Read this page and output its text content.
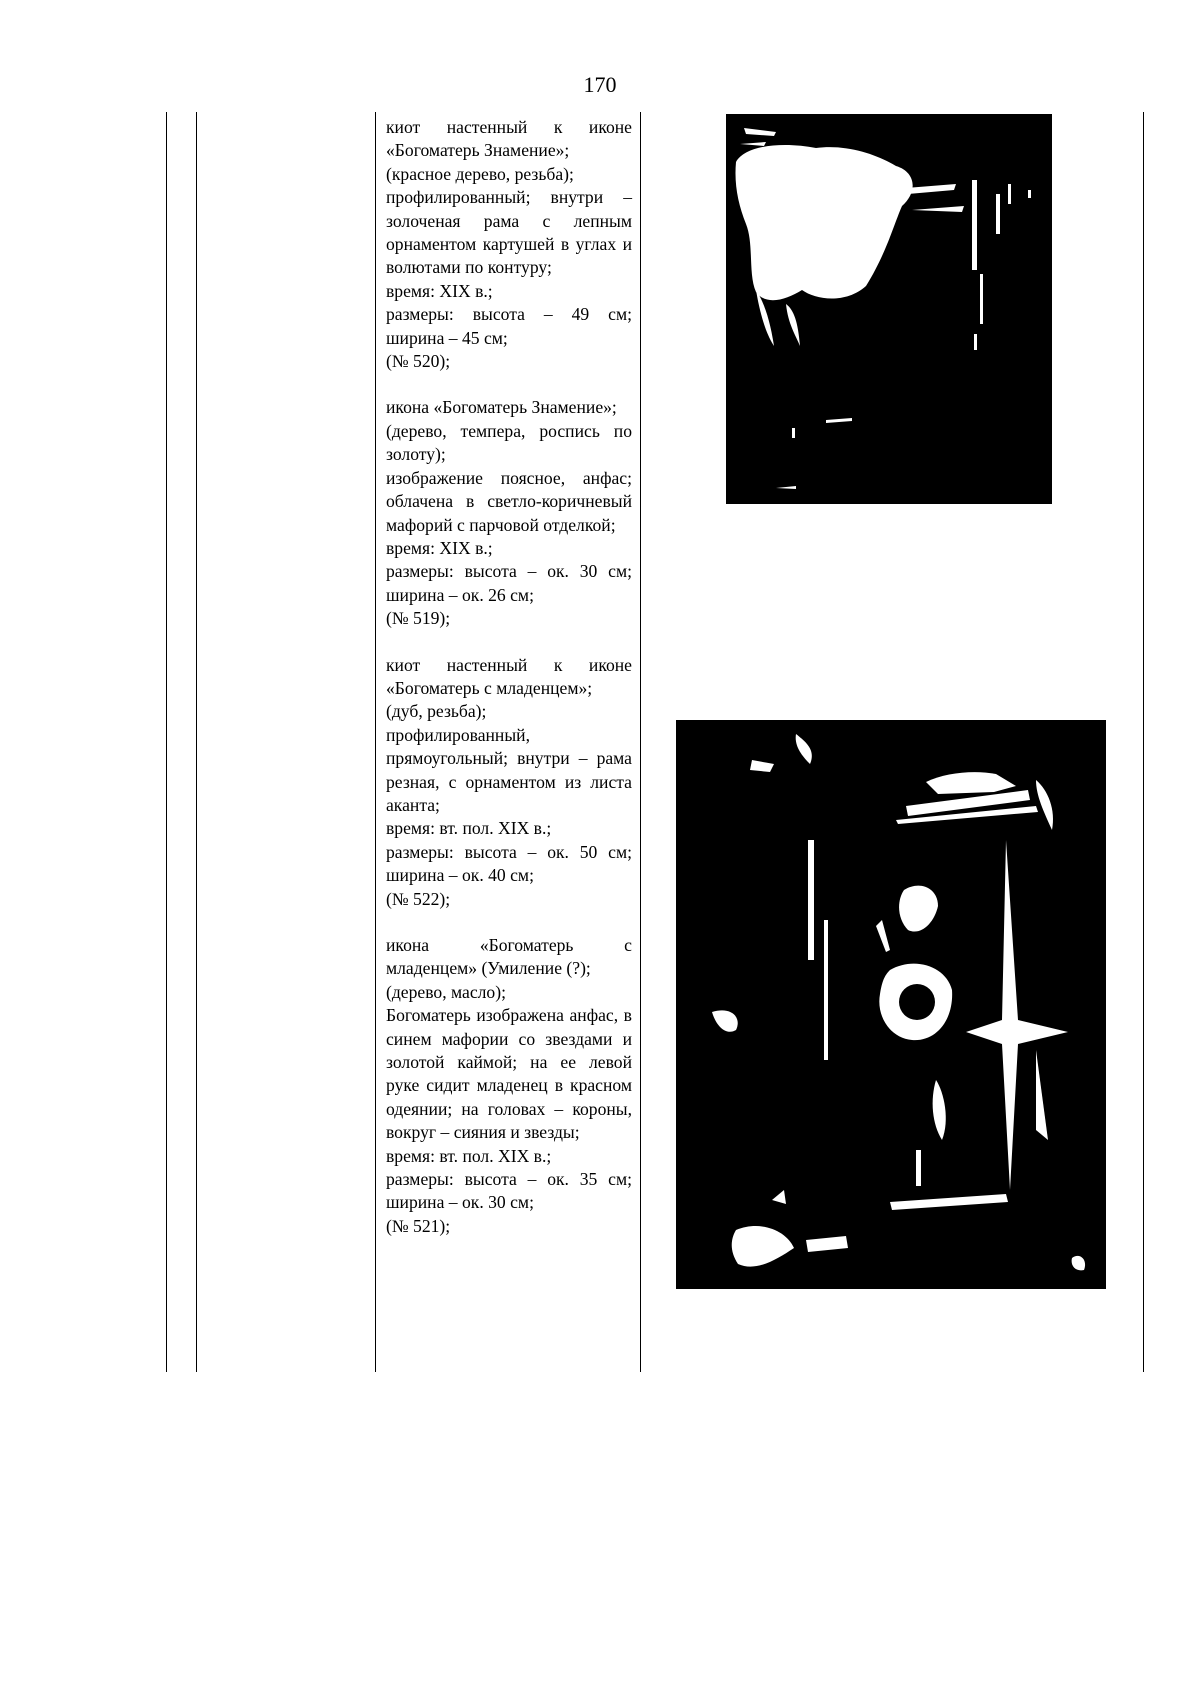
170
киот настенный к иконе «Богоматерь Знамение»;
(красное дерево, резьба);
профилированный; внутри – золоченая рама с лепным орнаментом картушей в углах и волютами по контуру;
время: XIX в.;
размеры: высота – 49 см; ширина – 45 см;
(№ 520);
икона «Богоматерь Знамение»;
(дерево, темпера, роспись по золоту);
изображение поясное, анфас; облачена в светло-коричневый мафорий с парчовой отделкой;
время: XIX в.;
размеры: высота – ок. 30 см; ширина – ок. 26 см;
(№ 519);
киот настенный к иконе «Богоматерь с младенцем»;
(дуб, резьба);
профилированный, прямоугольный; внутри – рама резная, с орнаментом из листа аканта;
время: вт. пол. XIX в.;
размеры: высота – ок. 50 см; ширина – ок. 40 см;
(№ 522);
икона «Богоматерь с младенцем» (Умиление (?);
(дерево, масло);
Богоматерь изображена анфас, в синем мафории со звездами и золотой каймой; на ее левой руке сидит младенец в красном одеянии; на головах – короны, вокруг – сияния и звезды;
время: вт. пол. XIX в.;
размеры: высота – ок. 35 см; ширина – ок. 30 см;
(№ 521);
